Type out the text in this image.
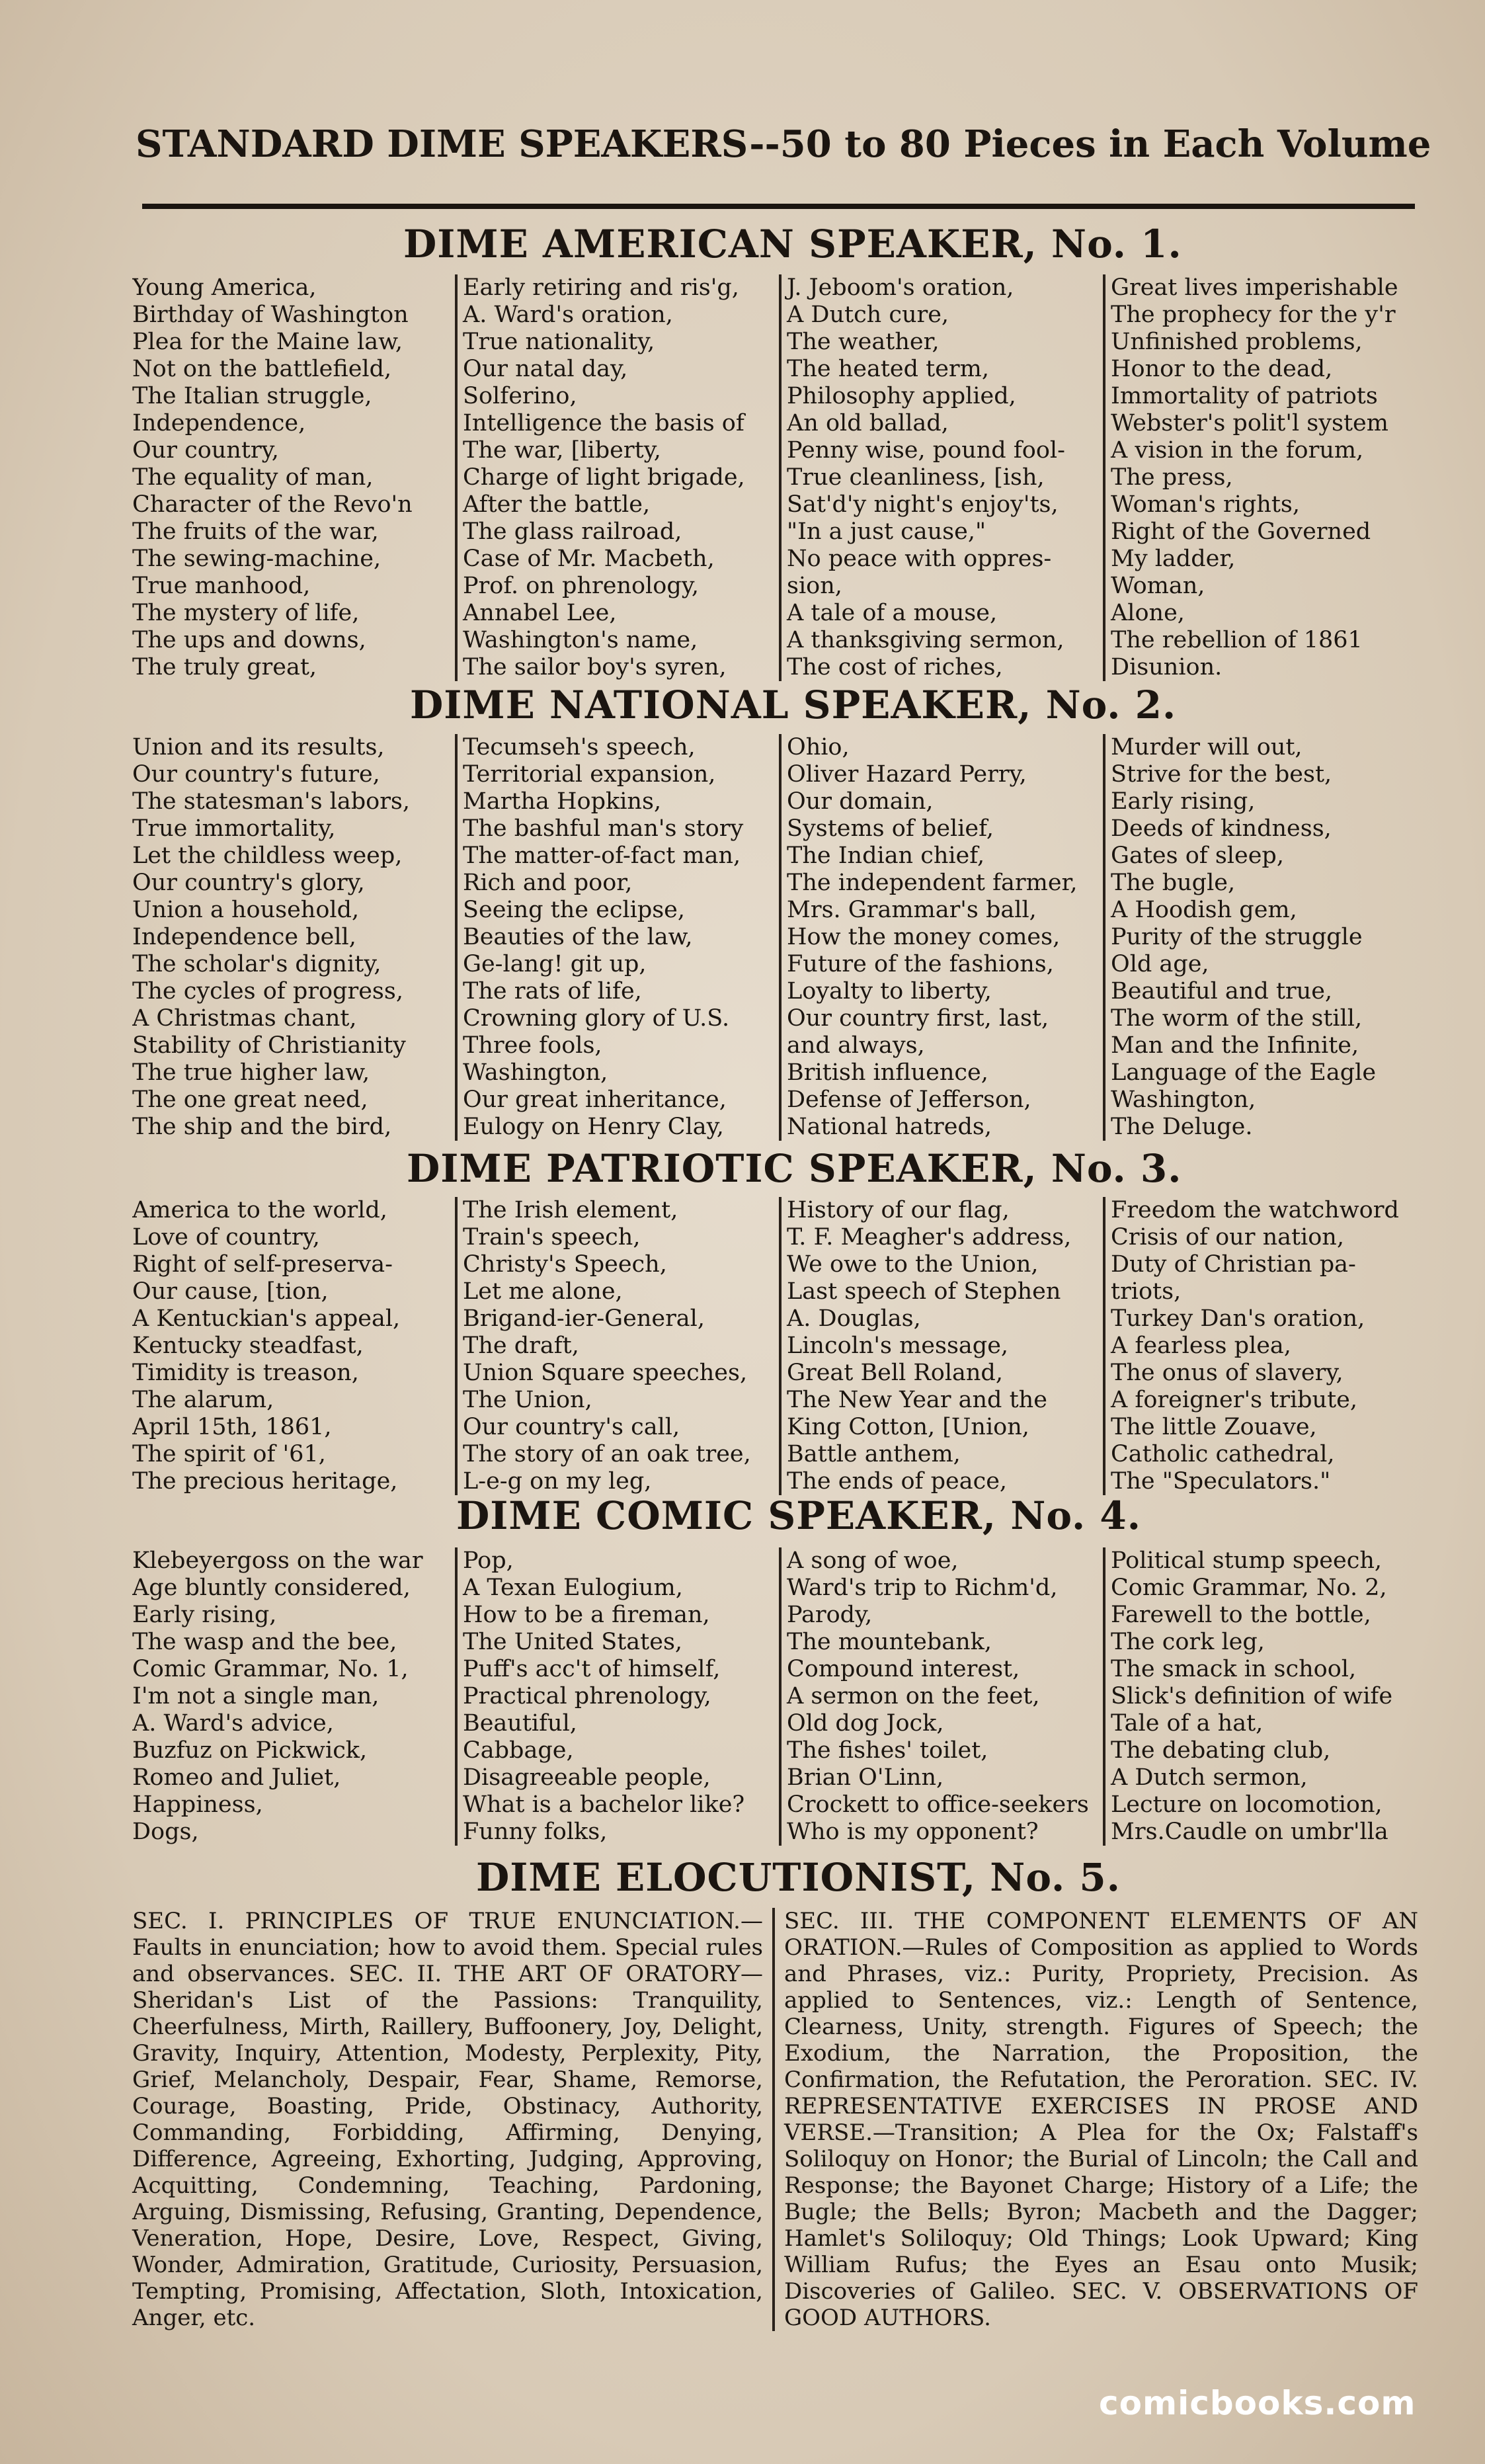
STANDARD DIME SPEAKERS--50 to 80 Pieces in Each Volume
DIME AMERICAN SPEAKER, No. 1.
Young America,
Birthday of Washington
Plea for the Maine law,
Not on the battlefield,
The Italian struggle,
Independence,
Our country,
The equality of man,
Character of the Revo'n
The fruits of the war,
The sewing-machine,
True manhood,
The mystery of life,
The ups and downs,
The truly great,
Early retiring and ris'g,
A. Ward's oration,
True nationality,
Our natal day,
Solferino,
Intelligence the basis of
The war, [liberty,
Charge of light brigade,
After the battle,
The glass railroad,
Case of Mr. Macbeth,
Prof. on phrenology,
Annabel Lee,
Washington's name,
The sailor boy's syren,
J. Jeboom's oration,
A Dutch cure,
The weather,
The heated term,
Philosophy applied,
An old ballad,
Penny wise, pound fool-
True cleanliness, [ish,
Sat'd'y night's enjoy'ts,
"In a just cause,"
No peace with oppres-
sion,
A tale of a mouse,
A thanksgiving sermon,
The cost of riches,
Great lives imperishable
The prophecy for the y'r
Unfinished problems,
Honor to the dead,
Immortality of patriots
Webster's polit'l system
A vision in the forum,
The press,
Woman's rights,
Right of the Governed
My ladder,
Woman,
Alone,
The rebellion of 1861
Disunion.
DIME NATIONAL SPEAKER, No. 2.
Union and its results,
Our country's future,
The statesman's labors,
True immortality,
Let the childless weep,
Our country's glory,
Union a household,
Independence bell,
The scholar's dignity,
The cycles of progress,
A Christmas chant,
Stability of Christianity
The true higher law,
The one great need,
The ship and the bird,
Tecumseh's speech,
Territorial expansion,
Martha Hopkins,
The bashful man's story
The matter-of-fact man,
Rich and poor,
Seeing the eclipse,
Beauties of the law,
Ge-lang! git up,
The rats of life,
Crowning glory of U.S.
Three fools,
Washington,
Our great inheritance,
Eulogy on Henry Clay,
Ohio,
Oliver Hazard Perry,
Our domain,
Systems of belief,
The Indian chief,
The independent farmer,
Mrs. Grammar's ball,
How the money comes,
Future of the fashions,
Loyalty to liberty,
Our country first, last,
and always,
British influence,
Defense of Jefferson,
National hatreds,
Murder will out,
Strive for the best,
Early rising,
Deeds of kindness,
Gates of sleep,
The bugle,
A Hoodish gem,
Purity of the struggle
Old age,
Beautiful and true,
The worm of the still,
Man and the Infinite,
Language of the Eagle
Washington,
The Deluge.
DIME PATRIOTIC SPEAKER, No. 3.
America to the world,
Love of country,
Right of self-preserva-
Our cause, [tion,
A Kentuckian's appeal,
Kentucky steadfast,
Timidity is treason,
The alarum,
April 15th, 1861,
The spirit of '61,
The precious heritage,
The Irish element,
Train's speech,
Christy's Speech,
Let me alone,
Brigand-ier-General,
The draft,
Union Square speeches,
The Union,
Our country's call,
The story of an oak tree,
L-e-g on my leg,
History of our flag,
T. F. Meagher's address,
We owe to the Union,
Last speech of Stephen
A. Douglas,
Lincoln's message,
Great Bell Roland,
The New Year and the
King Cotton, [Union,
Battle anthem,
The ends of peace,
Freedom the watchword
Crisis of our nation,
Duty of Christian pa-
triots,
Turkey Dan's oration,
A fearless plea,
The onus of slavery,
A foreigner's tribute,
The little Zouave,
Catholic cathedral,
The "Speculators."
DIME COMIC SPEAKER, No. 4.
Klebeyergoss on the war
Age bluntly considered,
Early rising,
The wasp and the bee,
Comic Grammar, No. 1,
I'm not a single man,
A. Ward's advice,
Buzfuz on Pickwick,
Romeo and Juliet,
Happiness,
Dogs,
Pop,
A Texan Eulogium,
How to be a fireman,
The United States,
Puff's acc't of himself,
Practical phrenology,
Beautiful,
Cabbage,
Disagreeable people,
What is a bachelor like?
Funny folks,
A song of woe,
Ward's trip to Richm'd,
Parody,
The mountebank,
Compound interest,
A sermon on the feet,
Old dog Jock,
The fishes' toilet,
Brian O'Linn,
Crockett to office-seekers
Who is my opponent?
Political stump speech,
Comic Grammar, No. 2,
Farewell to the bottle,
The cork leg,
The smack in school,
Slick's definition of wife
Tale of a hat,
The debating club,
A Dutch sermon,
Lecture on locomotion,
Mrs.Caudle on umbr'lla
DIME ELOCUTIONIST, No. 5.
SEC. I. PRINCIPLES OF TRUE ENUNCIATION.—Faults in enunciation; how to avoid them. Special rules and observances. SEC. II. THE ART OF ORATORY—Sheridan's List of the Passions: Tranquility, Cheerfulness, Mirth, Raillery, Buffoonery, Joy, Delight, Gravity, Inquiry, Attention, Modesty, Perplexity, Pity, Grief, Melancholy, Despair, Fear, Shame, Remorse, Courage, Boasting, Pride, Obstinacy, Authority, Commanding, Forbidding, Affirming, Denying, Difference, Agreeing, Exhorting, Judging, Approving, Acquitting, Condemning, Teaching, Pardoning, Arguing, Dismissing, Refusing, Granting, Dependence, Veneration, Hope, Desire, Love, Respect, Giving, Wonder, Admiration, Gratitude, Curiosity, Persuasion, Tempting, Promising, Affectation, Sloth, Intoxication, Anger, etc.
SEC. III. THE COMPONENT ELEMENTS OF AN ORATION.—Rules of Composition as applied to Words and Phrases, viz.: Purity, Propriety, Precision. As applied to Sentences, viz.: Length of Sentence, Clearness, Unity, strength. Figures of Speech; the Exodium, the Narration, the Proposition, the Confirmation, the Refutation, the Peroration. SEC. IV. REPRESENTATIVE EXERCISES IN PROSE AND VERSE.—Transition; A Plea for the Ox; Falstaff's Soliloquy on Honor; the Burial of Lincoln; the Call and Response; the Bayonet Charge; History of a Life; the Bugle; the Bells; Byron; Macbeth and the Dagger; Hamlet's Soliloquy; Old Things; Look Upward; King William Rufus; the Eyes an Esau onto Musik; Discoveries of Galileo. SEC. V. OBSERVATIONS OF GOOD AUTHORS.
comicbooks.com
